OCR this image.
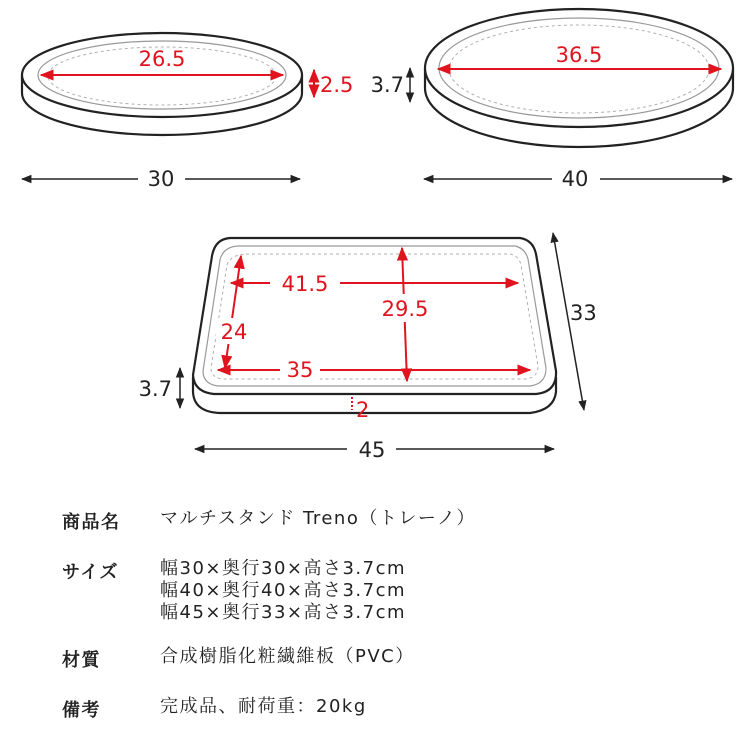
26.5
2.5
30
36.5
3.7
40
41.5
29.5
24
35
3.7
2
33
45
商品名	マルチスタンド Treno（トレーノ）
サイズ	幅30×奥行30×高さ3.7cm
幅40×奥行40×高さ3.7cm
幅45×奥行33×高さ3.7cm
材質	合成樹脂化粧繊維板（PVC）
備考	完成品、耐荷重：20kg
